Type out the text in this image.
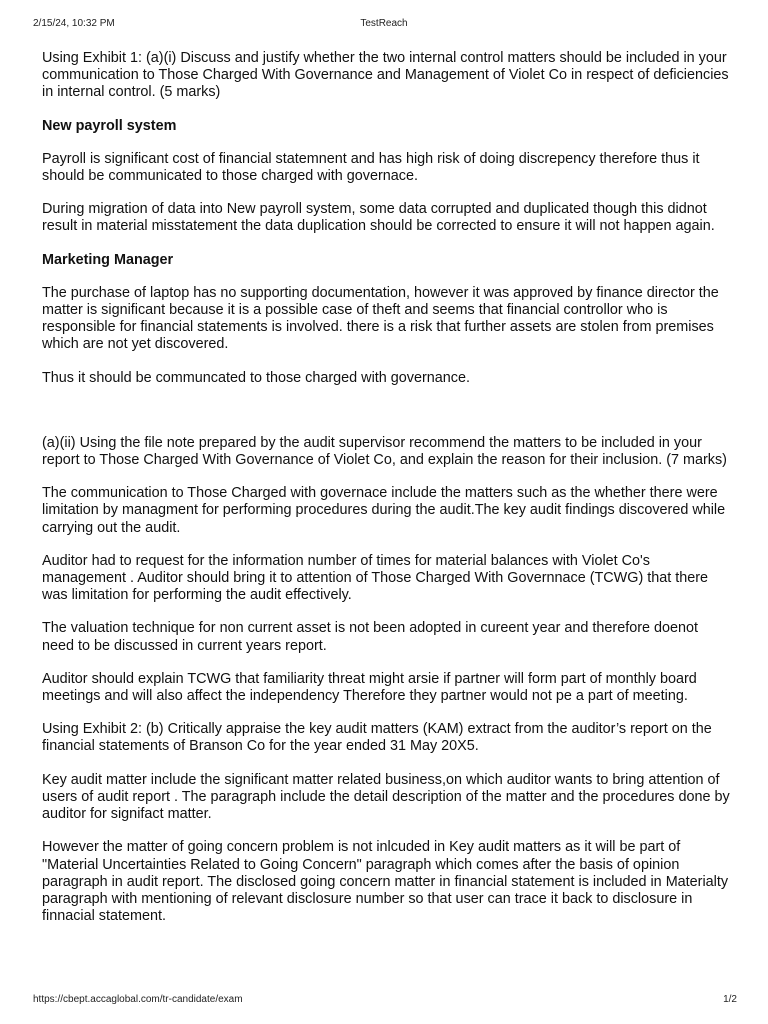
2/15/24, 10:32 PM	TestReach

Using Exhibit 1: (a)(i) Discuss and justify whether the two internal control matters should be included in your communication to Those Charged With Governance and Management of Violet Co in respect of deficiencies in internal control. (5 marks)

New payroll system

Payroll is significant cost of financial statemnent and has high risk of doing discrepency therefore thus it should be communicated to those charged with governace.

During migration of data into New payroll system, some data corrupted and duplicated though this didnot result in material misstatement the data duplication should be corrected to ensure it will not happen again.

Marketing Manager

The purchase of laptop has no supporting documentation, however it was approved by finance director the matter is significant because it is a possible case of theft and seems that financial controllor who is responsible for financial statements is involved. there is a risk that further assets are stolen from premises which are not yet discovered.

Thus it should be communcated to those charged with governance.

(a)(ii) Using the file note prepared by the audit supervisor recommend the matters to be included in your report to Those Charged With Governance of Violet Co, and explain the reason for their inclusion. (7 marks)

The communication to Those Charged with governace include the matters such as the whether there were limitation by managment for performing procedures during the audit.The key audit findings discovered while carrying out the audit.

Auditor had to request for the information number of times for material balances with Violet Co's management . Auditor should bring it to attention of Those Charged With Governnace (TCWG) that there was limitation for performing the audit effectively.

The valuation technique for non current asset is not been adopted in cureent year and therefore doenot need to be discussed in current years report.

Auditor should explain TCWG that familiarity threat might arsie if partner will form part of monthly board meetings and will also affect the independency Therefore they partner would not pe a part of meeting.

Using Exhibit 2: (b) Critically appraise the key audit matters (KAM) extract from the auditor’s report on the financial statements of Branson Co for the year ended 31 May 20X5.

Key audit matter include the significant matter related business,on which auditor wants to bring attention of users of audit report . The paragraph include the detail description of the matter and the procedures done by auditor for signifact matter.

However the matter of going concern problem is not inlcuded in Key audit matters as it will be part of "Material Uncertainties Related to Going Concern" paragraph which comes after the basis of opinion paragraph in audit report. The disclosed going concern matter in financial statement is included in Materialty paragraph with mentioning of relevant disclosure number so that user can trace it back to disclosure in finnacial statement.

https://cbept.accaglobal.com/tr-candidate/exam	1/2
